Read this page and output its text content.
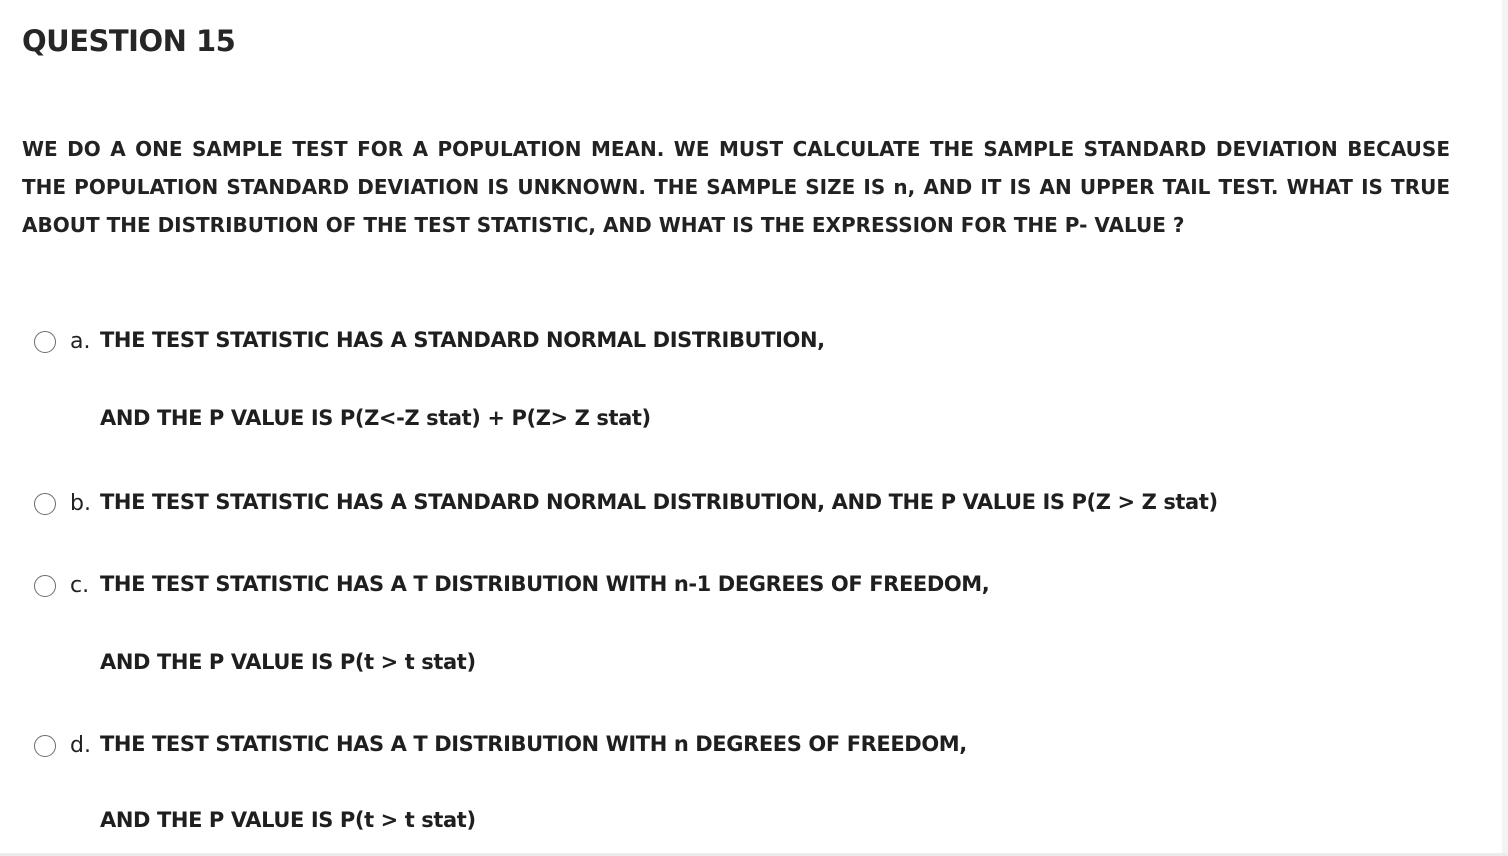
QUESTION 15
WE DO A ONE SAMPLE TEST FOR A POPULATION MEAN. WE MUST CALCULATE THE SAMPLE STANDARD DEVIATION BECAUSE THE POPULATION STANDARD DEVIATION IS UNKNOWN. THE SAMPLE SIZE IS n, AND IT IS AN UPPER TAIL TEST. WHAT IS TRUE ABOUT THE DISTRIBUTION OF THE TEST STATISTIC, AND WHAT IS THE EXPRESSION FOR THE P- VALUE ?
a. THE TEST STATISTIC HAS A STANDARD NORMAL DISTRIBUTION,
AND THE P VALUE IS P(Z<-Z stat) + P(Z> Z stat)
b. THE TEST STATISTIC HAS A STANDARD NORMAL DISTRIBUTION, AND THE P VALUE IS P(Z > Z stat)
c. THE TEST STATISTIC HAS A T DISTRIBUTION WITH n-1 DEGREES OF FREEDOM,
AND THE P VALUE IS P(t > t stat)
d. THE TEST STATISTIC HAS A T DISTRIBUTION WITH n DEGREES OF FREEDOM,
AND THE P VALUE IS P(t > t stat)
